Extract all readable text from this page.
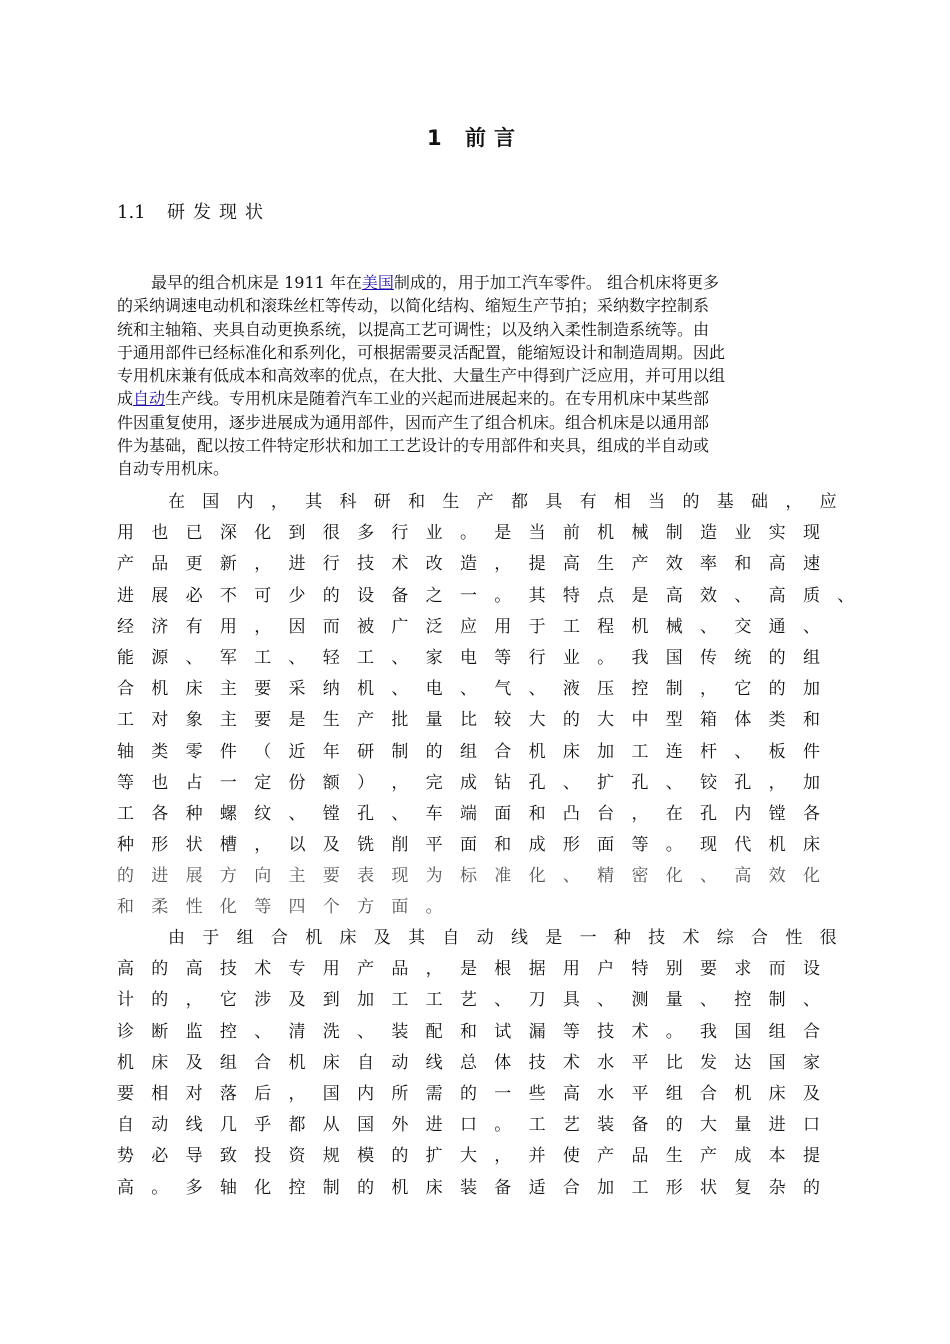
1 前言
1.1	研发现状

最早的组合机床是 1911 年在美国制成的，用于加工汽车零件。 组合机床将更多
的采纳调速电动机和滚珠丝杠等传动，以简化结构、缩短生产节拍；采纳数字控制系
统和主轴箱、夹具自动更换系统，以提高工艺可调性；以及纳入柔性制造系统等。由
于通用部件已经标准化和系列化，可根据需要灵活配置，能缩短设计和制造周期。因此
专用机床兼有低成本和高效率的优点，在大批、大量生产中得到广泛应用，并可用以组
成自动生产线。专用机床是随着汽车工业的兴起而进展起来的。在专用机床中某些部
件因重复使用，逐步进展成为通用部件，因而产生了组合机床。组合机床是以通用部
件为基础，配以按工件特定形状和加工工艺设计的专用部件和夹具，组成的半自动或
自动专用机床。

在 国 内 ， 其 科 研 和 生 产 都 具 有 相 当 的 基 础 ， 应
用 也 已 深 化 到 很 多 行 业 。 是 当 前 机 械 制 造 业 实 现
产 品 更 新 ， 进 行 技 术 改 造 ， 提 高 生 产 效 率 和 高 速
进 展 必 不 可 少 的 设 备 之 一 。 其 特 点 是 高 效 、 高 质 、
经 济 有 用 ， 因 而 被 广 泛 应 用 于 工 程 机 械 、 交 通 、
能 源 、 军 工 、 轻 工 、 家 电 等 行 业 。 我 国 传 统 的 组
合 机 床 主 要 采 纳 机 、 电 、 气 、 液 压 控 制 ， 它 的 加
工 对 象 主 要 是 生 产 批 量 比 较 大 的 大 中 型 箱 体 类 和
轴 类 零 件 （ 近 年 研 制 的 组 合 机 床 加 工 连 杆 、 板 件
等 也 占 一 定 份 额 ） ， 完 成 钻 孔 、 扩 孔 、 铰 孔 ， 加
工 各 种 螺 纹 、 镗 孔 、 车 端 面 和 凸 台 ， 在 孔 内 镗 各
种 形 状 槽 ， 以 及 铣 削 平 面 和 成 形 面 等 。 现 代 机 床
的 进 展 方 向 主 要 表 现 为 标 准 化 、 精 密 化 、 高 效 化
和 柔 性 化 等 四 个 方 面 。
由 于 组 合 机 床 及 其 自 动 线 是 一 种 技 术 综 合 性 很
高 的 高 技 术 专 用 产 品 ， 是 根 据 用 户 特 别 要 求 而 设
计 的 ， 它 涉 及 到 加 工 工 艺 、 刀 具 、 测 量 、 控 制 、
诊 断 监 控 、 清 洗 、 装 配 和 试 漏 等 技 术 。 我 国 组 合
机 床 及 组 合 机 床 自 动 线 总 体 技 术 水 平 比 发 达 国 家
要 相 对 落 后 ， 国 内 所 需 的 一 些 高 水 平 组 合 机 床 及
自 动 线 几 乎 都 从 国 外 进 口 。 工 艺 装 备 的 大 量 进 口
势 必 导 致 投 资 规 模 的 扩 大 ， 并 使 产 品 生 产 成 本 提
高 。 多 轴 化 控 制 的 机 床 装 备 适 合 加 工 形 状 复 杂 的
